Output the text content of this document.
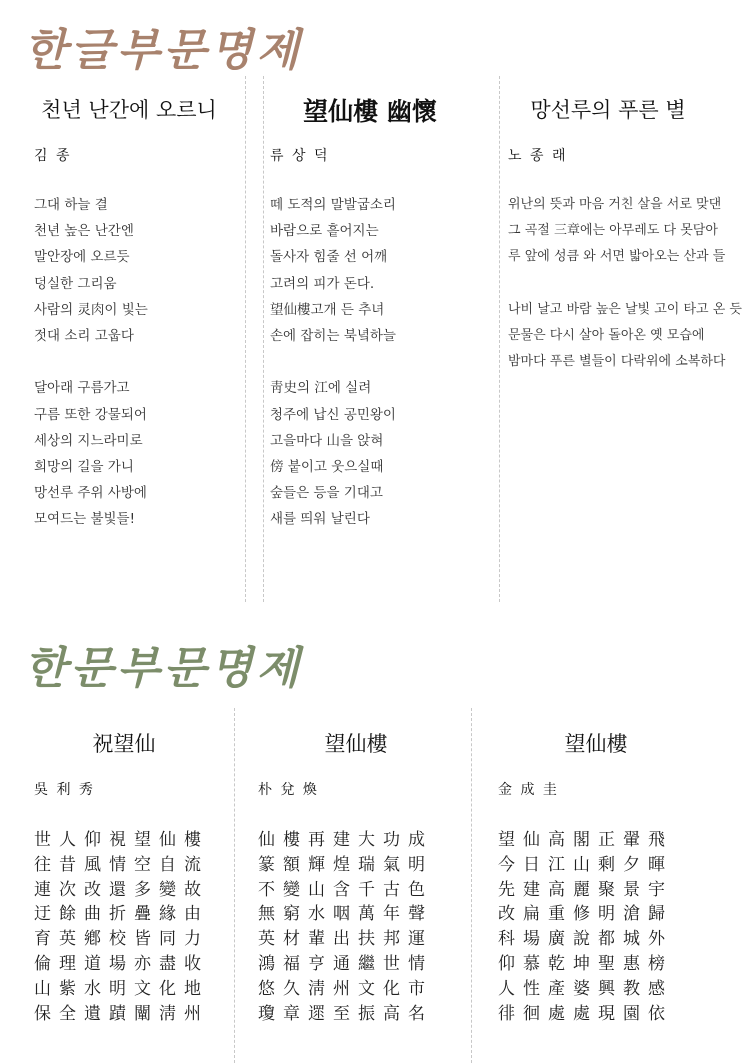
한글부문명제
천년 난간에 오르니
김 종
그대 하늘 결
천년 높은 난간엔
말안장에 오르듯
덩실한 그리움
사람의 灵肉이 빛는
젓대 소리 고웁다
달아래 구름가고
구름 또한 강물되어
세상의 지느라미로
희망의 길을 가니
망선루 주위 사방에
모여드는 불빛들!
望仙樓 幽懷
류 상 덕
떼 도적의 말발굽소리
바람으로 흩어지는
돌사자 힘줄 선 어깨
고려의 피가 돈다.
望仙樓고개 든 추녀
손에 잡히는 북녘하늘
靑史의 江에 실려
청주에 납신 공민왕이
고을마다 山을 앉혀
傍 붙이고 웃으실때
숲들은 등을 기대고
새를 띄워 날린다
망선루의 푸른 별
노 종 래
위난의 뜻과 마음 거친 살을 서로 맞댄
그 곡절 三章에는 아무레도 다 못담아
루 앞에 성큼 와 서면 밟아오는 산과 들
나비 날고 바람 높은 날빛 고이 타고 온 듯
문물은 다시 살아 돌아온 옛 모습에
밤마다 푸른 별들이 다락위에 소복하다
한문부문명제
祝望仙
吳 利 秀
世人仰視望仙樓
往昔風情空自流
連次改還多變故
迂餘曲折疊緣由
育英鄕校皆同力
倫理道場亦盡收
山紫水明文化地
保全遺蹟闡淸州
望仙樓
朴 兌 煥
仙樓再建大功成
篆額輝煌瑞氣明
不變山含千古色
無窮水咽萬年聲
英材輩出扶邦運
鴻福亨通繼世情
悠久淸州文化市
瓊章遝至振高名
望仙樓
金 成 圭
望仙高閣正翬飛
今日江山剩夕暉
先建高麗聚景宇
改扁重修明滄歸
科場廣說都城外
仰慕乾坤聖惠榜
人性產婆興教感
徘徊處處現園依
